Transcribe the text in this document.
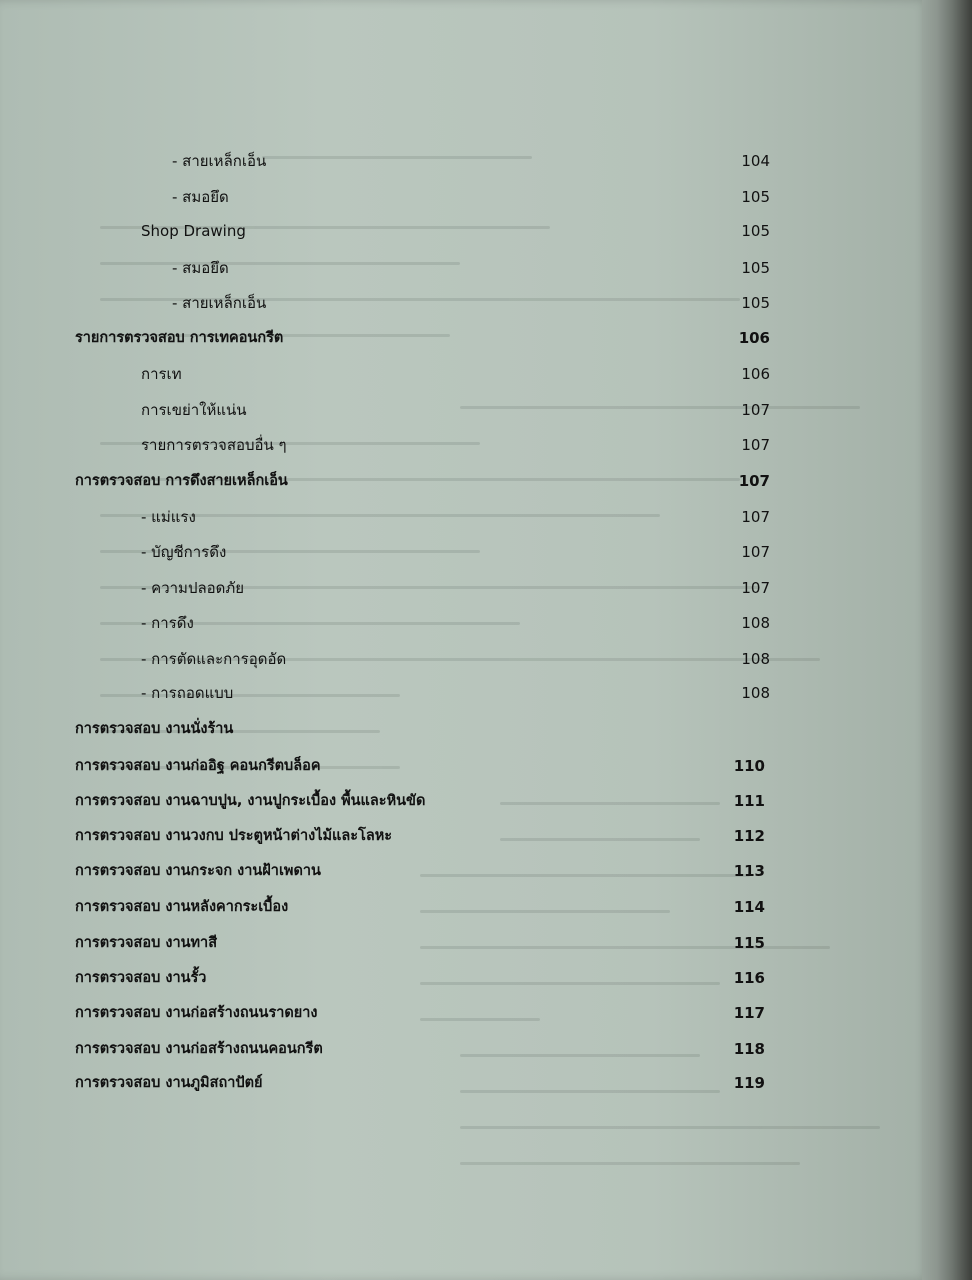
- สายเหล็กเอ็น	104
- สมอยึด	105
Shop Drawing	105
- สมอยึด	105
- สายเหล็กเอ็น	105
รายการตรวจสอบ การเทคอนกรีต	106
การเท	106
การเขย่าให้แน่น	107
รายการตรวจสอบอื่น ๆ	107
การตรวจสอบ การดึงสายเหล็กเอ็น	107
- แม่แรง	107
- บัญชีการดึง	107
- ความปลอดภัย	107
- การดึง	108
- การตัดและการอุดอัด	108
- การถอดแบบ	108
การตรวจสอบ งานนั่งร้าน
การตรวจสอบ งานก่ออิฐ คอนกรีตบล็อค	110
การตรวจสอบ งานฉาบปูน, งานปูกระเบื้อง พื้นและหินขัด	111
การตรวจสอบ งานวงกบ ประตูหน้าต่างไม้และโลหะ	112
การตรวจสอบ งานกระจก งานฝ้าเพดาน	113
การตรวจสอบ งานหลังคากระเบื้อง	114
การตรวจสอบ งานทาสี	115
การตรวจสอบ งานรั้ว	116
การตรวจสอบ งานก่อสร้างถนนราดยาง	117
การตรวจสอบ งานก่อสร้างถนนคอนกรีต	118
การตรวจสอบ งานภูมิสถาปัตย์	119
